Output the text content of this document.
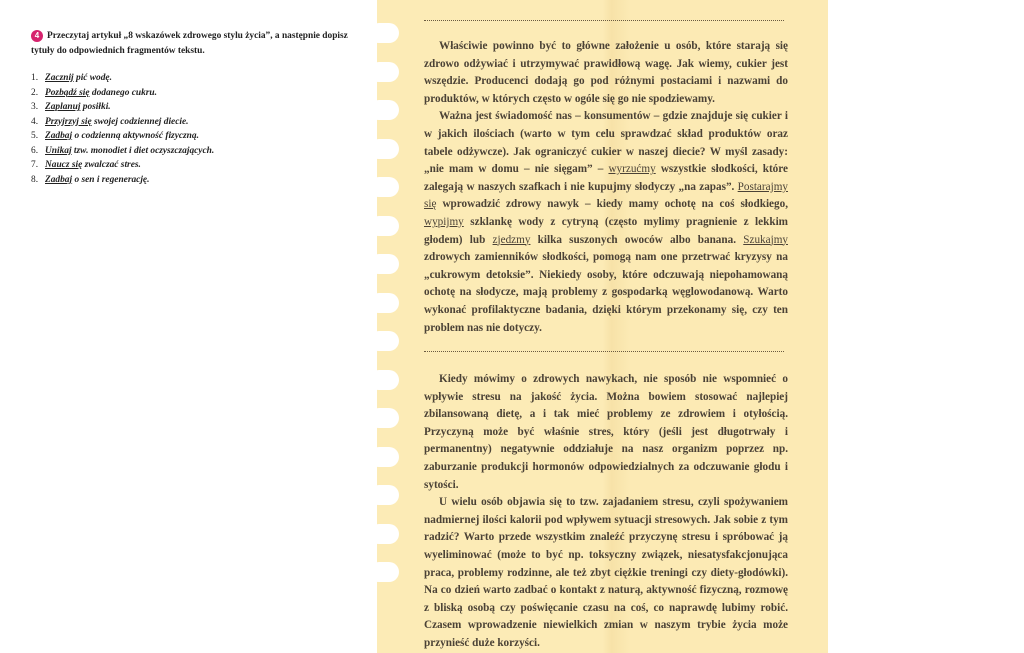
4 Przeczytaj artykuł „8 wskazówek zdrowego stylu życia”, a następnie dopisz tytuły do odpowiednich fragmentów tekstu.
1. Zacznij pić wodę.
2. Pozbądź się dodanego cukru.
3. Zaplanuj posiłki.
4. Przyjrzyj się swojej codziennej diecie.
5. Zadbaj o codzienną aktywność fizyczną.
6. Unikaj tzw. monodiet i diet oczyszczających.
7. Naucz się zwalczać stres.
8. Zadbaj o sen i regenerację.

Właściwie powinno być to główne założenie u osób, które starają się zdrowo odżywiać i utrzymywać prawidłową wagę. Jak wiemy, cukier jest wszędzie. Producenci dodają go pod różnymi postaciami i nazwami do produktów, w których często w ogóle się go nie spodziewamy.

Ważna jest świadomość nas – konsumentów – gdzie znajduje się cukier i w jakich ilościach (warto w tym celu sprawdzać skład produktów oraz tabele odżywcze). Jak ograniczyć cukier w naszej diecie? W myśl zasady: „nie mam w domu – nie sięgam” – wyrzućmy wszystkie słodkości, które zalegają w naszych szafkach i nie kupujmy słodyczy „na zapas”. Postarajmy się wprowadzić zdrowy nawyk – kiedy mamy ochotę na coś słodkiego, wypijmy szklankę wody z cytryną (często mylimy pragnienie z lekkim głodem) lub zjedzmy kilka suszonych owoców albo banana. Szukajmy zdrowych zamienników słodkości, pomogą nam one przetrwać kryzysy na „cukrowym detoksie”. Niekiedy osoby, które odczuwają niepohamowaną ochotę na słodycze, mają problemy z gospodarką węglowodanową. Warto wykonać profilaktyczne badania, dzięki którym przekonamy się, czy ten problem nas nie dotyczy.

Kiedy mówimy o zdrowych nawykach, nie sposób nie wspomnieć o wpływie stresu na jakość życia. Można bowiem stosować najlepiej zbilansowaną dietę, a i tak mieć problemy ze zdrowiem i otyłością. Przyczyną może być właśnie stres, który (jeśli jest długotrwały i permanentny) negatywnie oddziałuje na nasz organizm poprzez np. zaburzanie produkcji hormonów odpowiedzialnych za odczuwanie głodu i sytości.

U wielu osób objawia się to tzw. zajadaniem stresu, czyli spożywaniem nadmiernej ilości kalorii pod wpływem sytuacji stresowych. Jak sobie z tym radzić? Warto przede wszystkim znaleźć przyczynę stresu i spróbować ją wyeliminować (może to być np. toksyczny związek, niesatysfakcjonująca praca, problemy rodzinne, ale też zbyt ciężkie treningi czy diety-głodówki). Na co dzień warto zadbać o kontakt z naturą, aktywność fizyczną, rozmowę z bliską osobą czy poświęcanie czasu na coś, co naprawdę lubimy robić. Czasem wprowadzenie niewielkich zmian w naszym trybie życia może przynieść duże korzyści.
